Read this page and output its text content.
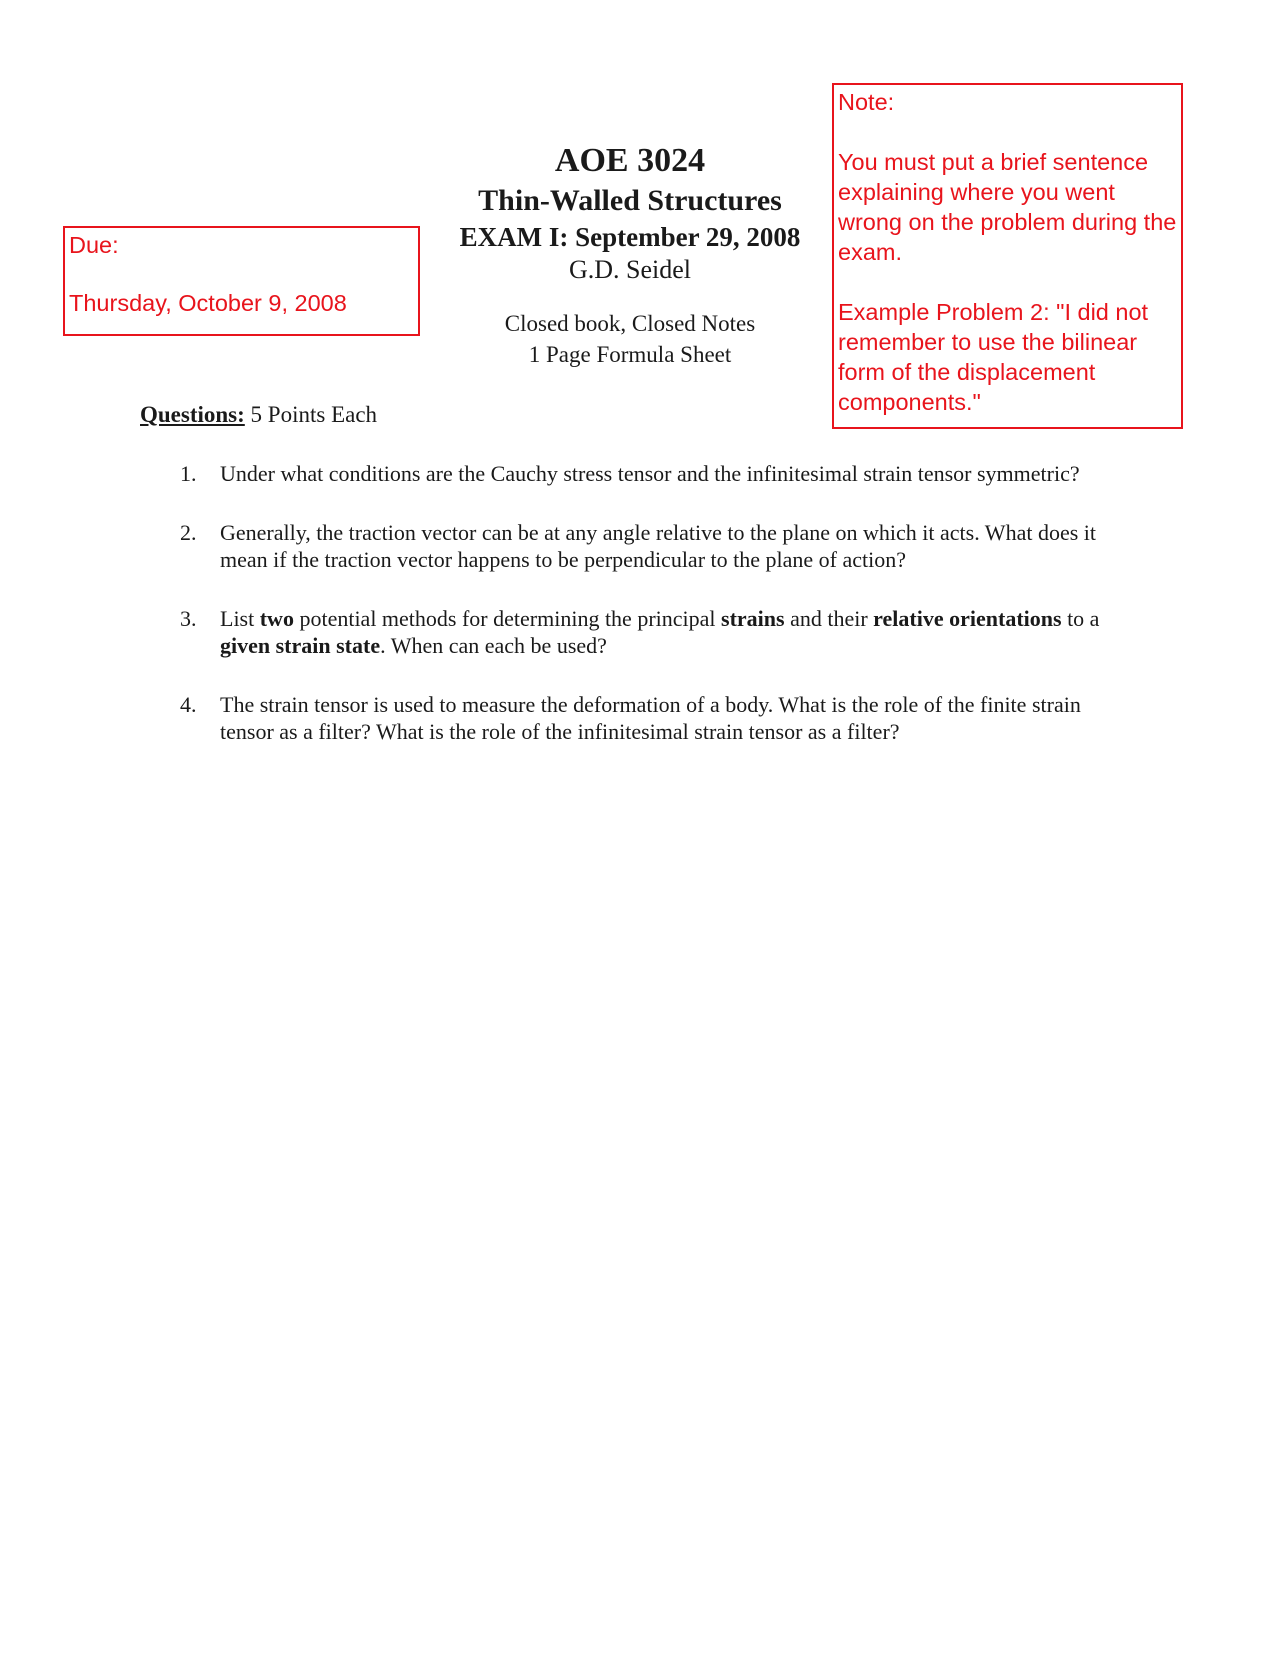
Due:

Thursday, October 9, 2008

AOE 3024
Thin-Walled Structures
EXAM I: September 29, 2008
G.D. Seidel
Closed book, Closed Notes
1 Page Formula Sheet

Note:

You must put a brief sentence explaining where you went wrong on the problem during the exam.

Example Problem 2: "I did not remember to use the bilinear form of the displacement components."

Questions: 5 Points Each
1. Under what conditions are the Cauchy stress tensor and the infinitesimal strain tensor symmetric?
2. Generally, the traction vector can be at any angle relative to the plane on which it acts. What does it mean if the traction vector happens to be perpendicular to the plane of action?
3. List two potential methods for determining the principal strains and their relative orientations to a given strain state. When can each be used?
4. The strain tensor is used to measure the deformation of a body. What is the role of the finite strain tensor as a filter? What is the role of the infinitesimal strain tensor as a filter?
